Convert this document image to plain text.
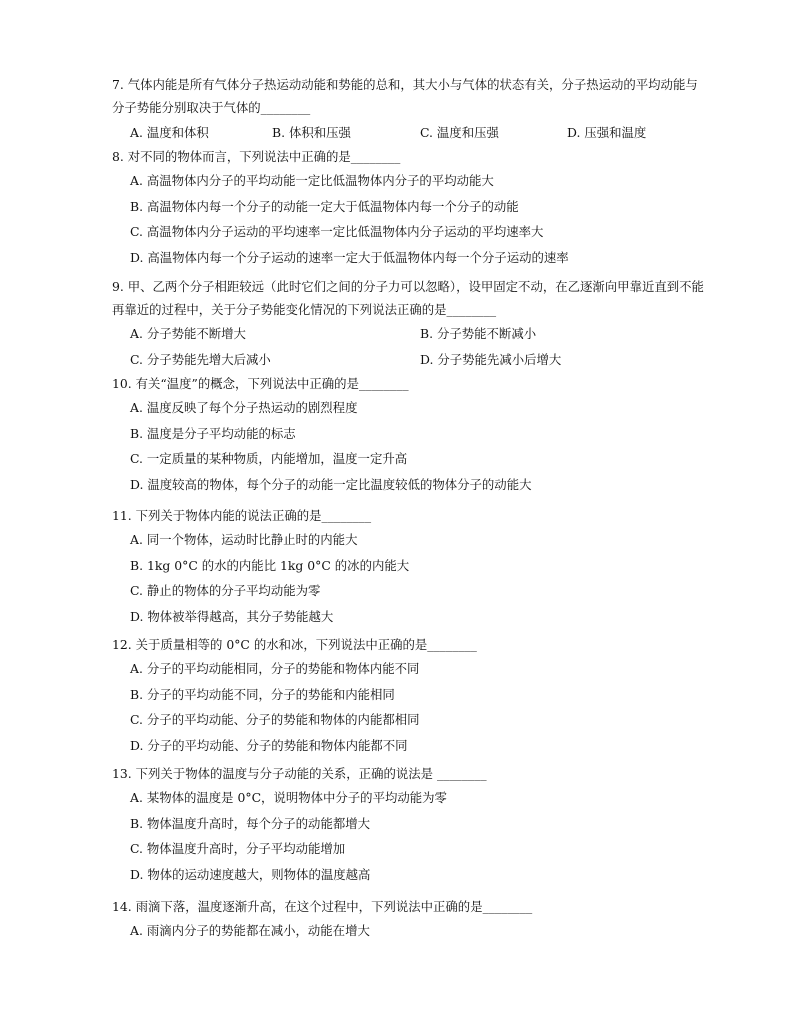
7. 气体内能是所有气体分子热运动动能和势能的总和，其大小与气体的状态有关，分子热运动的平均动能与分子势能分别取决于气体的________
A. 温度和体积	B. 体积和压强	C. 温度和压强	D. 压强和温度
8. 对不同的物体而言，下列说法中正确的是________
A. 高温物体内分子的平均动能一定比低温物体内分子的平均动能大
B. 高温物体内每一个分子的动能一定大于低温物体内每一个分子的动能
C. 高温物体内分子运动的平均速率一定比低温物体内分子运动的平均速率大
D. 高温物体内每一个分子运动的速率一定大于低温物体内每一个分子运动的速率
9. 甲、乙两个分子相距较远（此时它们之间的分子力可以忽略），设甲固定不动，在乙逐渐向甲靠近直到不能再靠近的过程中，关于分子势能变化情况的下列说法正确的是________
A. 分子势能不断增大	B. 分子势能不断减小
C. 分子势能先增大后减小	D. 分子势能先减小后增大
10. 有关“温度”的概念，下列说法中正确的是________
A. 温度反映了每个分子热运动的剧烈程度
B. 温度是分子平均动能的标志
C. 一定质量的某种物质，内能增加，温度一定升高
D. 温度较高的物体，每个分子的动能一定比温度较低的物体分子的动能大
11. 下列关于物体内能的说法正确的是________
A. 同一个物体，运动时比静止时的内能大
B. 1kg 0°C 的水的内能比 1kg 0°C 的冰的内能大
C. 静止的物体的分子平均动能为零
D. 物体被举得越高，其分子势能越大
12. 关于质量相等的 0°C 的水和冰，下列说法中正确的是________
A. 分子的平均动能相同，分子的势能和物体内能不同
B. 分子的平均动能不同，分子的势能和内能相同
C. 分子的平均动能、分子的势能和物体的内能都相同
D. 分子的平均动能、分子的势能和物体内能都不同
13. 下列关于物体的温度与分子动能的关系，正确的说法是 ________
A. 某物体的温度是 0°C，说明物体中分子的平均动能为零
B. 物体温度升高时，每个分子的动能都增大
C. 物体温度升高时，分子平均动能增加
D. 物体的运动速度越大，则物体的温度越高
14. 雨滴下落，温度逐渐升高，在这个过程中，下列说法中正确的是________
A. 雨滴内分子的势能都在减小，动能在增大
